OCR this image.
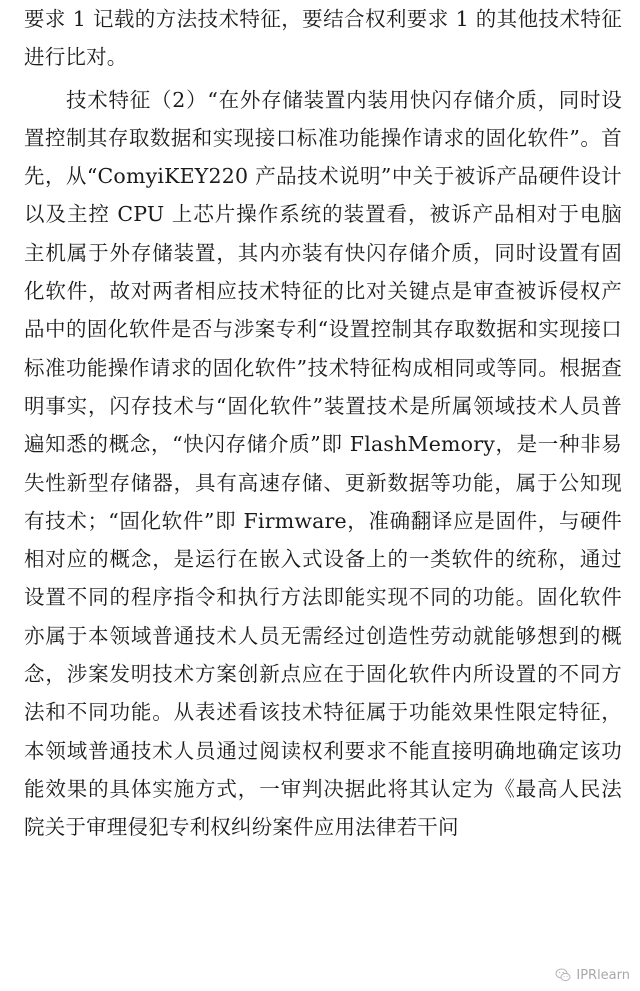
要求 1 记载的方法技术特征，要结合权利要求 1 的其他技术特征进行比对。

技术特征（2）“在外存储装置内装用快闪存储介质，同时设置控制其存取数据和实现接口标准功能操作请求的固化软件”。首先，从“ComyiKEY220 产品技术说明”中关于被诉产品硬件设计以及主控 CPU 上芯片操作系统的装置看，被诉产品相对于电脑主机属于外存储装置，其内亦装有快闪存储介质，同时设置有固化软件，故对两者相应技术特征的比对关键点是审查被诉侵权产品中的固化软件是否与涉案专利“设置控制其存取数据和实现接口标准功能操作请求的固化软件”技术特征构成相同或等同。根据查明事实，闪存技术与“固化软件”装置技术是所属领域技术人员普遍知悉的概念，“快闪存储介质”即 FlashMemory，是一种非易失性新型存储器，具有高速存储、更新数据等功能，属于公知现有技术；“固化软件”即 Firmware，准确翻译应是固件，与硬件相对应的概念，是运行在嵌入式设备上的一类软件的统称，通过设置不同的程序指令和执行方法即能实现不同的功能。固化软件亦属于本领域普通技术人员无需经过创造性劳动就能够想到的概念，涉案发明技术方案创新点应在于固化软件内所设置的不同方法和不同功能。从表述看该技术特征属于功能效果性限定特征，本领域普通技术人员通过阅读权利要求不能直接明确地确定该功能效果的具体实施方式，一审判决据此将其认定为《最高人民法院关于审理侵犯专利权纠纷案件应用法律若干问

IPRlearn
